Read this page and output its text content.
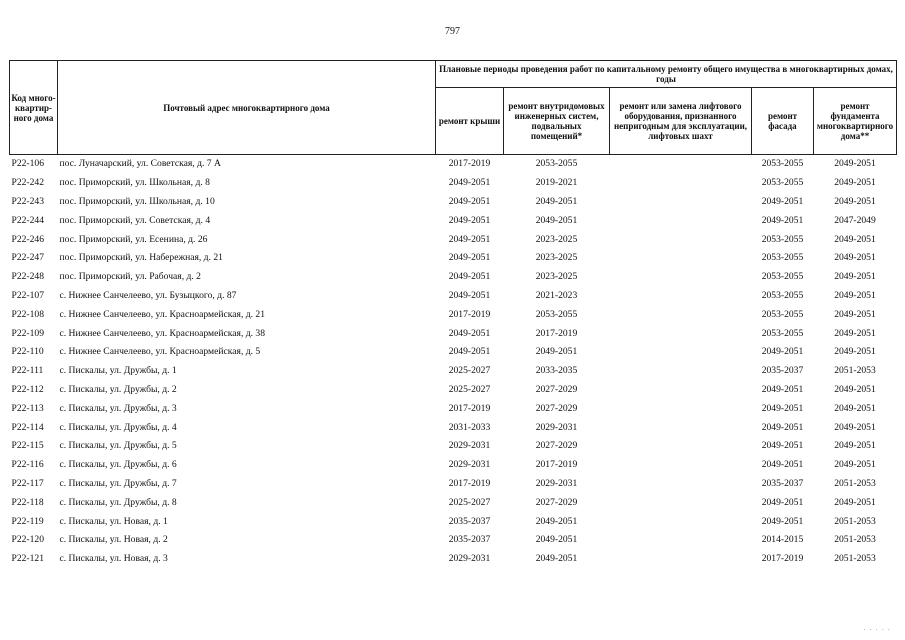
797
Код много-квартир-ного дома	Почтовый адрес многоквартирного дома	Плановые периоды проведения работ по капитальному ремонту общего имущества в многоквартирных домах, годы				
		ремонт крыши	ремонт внутридомовых инженерных систем, подвальных помещений*	ремонт или замена лифтового оборудования, признанного непригодным для эксплуатации, лифтовых шахт	ремонт фасада	ремонт фундамента многоквартирного дома**
Р22-106	пос. Луначарский, ул. Советская, д. 7 А	2017-2019	2053-2055		2053-2055	2049-2051
Р22-242	пос. Приморский, ул. Школьная, д. 8	2049-2051	2019-2021		2053-2055	2049-2051
Р22-243	пос. Приморский, ул. Школьная, д. 10	2049-2051	2049-2051		2049-2051	2049-2051
Р22-244	пос. Приморский, ул. Советская, д. 4	2049-2051	2049-2051		2049-2051	2047-2049
Р22-246	пос. Приморский, ул. Есенина, д. 26	2049-2051	2023-2025		2053-2055	2049-2051
Р22-247	пос. Приморский, ул. Набережная, д. 21	2049-2051	2023-2025		2053-2055	2049-2051
Р22-248	пос. Приморский, ул. Рабочая, д. 2	2049-2051	2023-2025		2053-2055	2049-2051
Р22-107	с. Нижнее Санчелеево, ул. Бузыцкого, д. 87	2049-2051	2021-2023		2053-2055	2049-2051
Р22-108	с. Нижнее Санчелеево, ул. Красноармейская, д. 21	2017-2019	2053-2055		2053-2055	2049-2051
Р22-109	с. Нижнее Санчелеево, ул. Красноармейская, д. 38	2049-2051	2017-2019		2053-2055	2049-2051
Р22-110	с. Нижнее Санчелеево, ул. Красноармейская, д. 5	2049-2051	2049-2051		2049-2051	2049-2051
Р22-111	с. Пискалы, ул. Дружбы, д. 1	2025-2027	2033-2035		2035-2037	2051-2053
Р22-112	с. Пискалы, ул. Дружбы, д. 2	2025-2027	2027-2029		2049-2051	2049-2051
Р22-113	с. Пискалы, ул. Дружбы, д. 3	2017-2019	2027-2029		2049-2051	2049-2051
Р22-114	с. Пискалы, ул. Дружбы, д. 4	2031-2033	2029-2031		2049-2051	2049-2051
Р22-115	с. Пискалы, ул. Дружбы, д. 5	2029-2031	2027-2029		2049-2051	2049-2051
Р22-116	с. Пискалы, ул. Дружбы, д. 6	2029-2031	2017-2019		2049-2051	2049-2051
Р22-117	с. Пискалы, ул. Дружбы, д. 7	2017-2019	2029-2031		2035-2037	2051-2053
Р22-118	с. Пискалы, ул. Дружбы, д. 8	2025-2027	2027-2029		2049-2051	2049-2051
Р22-119	с. Пискалы, ул. Новая, д. 1	2035-2037	2049-2051		2049-2051	2051-2053
Р22-120	с. Пискалы, ул. Новая, д. 2	2035-2037	2049-2051		2014-2015	2051-2053
Р22-121	с. Пискалы, ул. Новая, д. 3	2029-2031	2049-2051		2017-2019	2051-2053
· · · · ·
